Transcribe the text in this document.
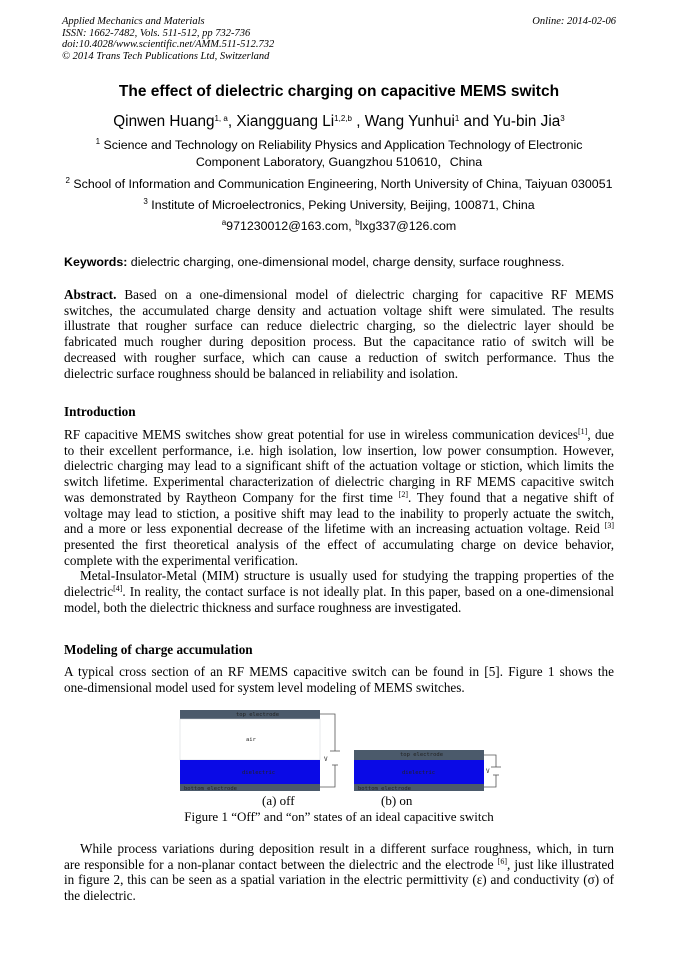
Applied Mechanics and Materials
ISSN: 1662-7482, Vols. 511-512, pp 732-736
doi:10.4028/www.scientific.net/AMM.511-512.732
© 2014 Trans Tech Publications Ltd, Switzerland
Online: 2014-02-06
The effect of dielectric charging on capacitive MEMS switch
Qinwen Huang$^{1, a}$, Xiangguang Li$^{1,2,b}$ , Wang Yunhui$^1$ and Yu-bin Jia$^3$
$^1$ Science and Technology on Reliability Physics and Application Technology of Electronic
Component Laboratory, Guangzhou 510610，China
$^2$ School of Information and Communication Engineering, North University of China, Taiyuan 030051
$^3$ Institute of Microelectronics, Peking University, Beijing, 100871, China
$^a$971230012@163.com, $^b$lxg337@126.com
Keywords: dielectric charging, one-dimensional model, charge density, surface roughness.
Abstract. Based on a one-dimensional model of dielectric charging for capacitive RF MEMS
switches, the accumulated charge density and actuation voltage shift were simulated. The results
illustrate that rougher surface can reduce dielectric charging, so the dielectric layer should be
fabricated much rougher during deposition process. But the capacitance ratio of switch will be
decreased with rougher surface, which can cause a reduction of switch performance. Thus the
dielectric surface roughness should be balanced in reliability and isolation.
Introduction
RF capacitive MEMS switches show great potential for use in wireless communication devices[1], due
to their excellent performance, i.e. high isolation, low insertion, low power consumption. However,
dielectric charging may lead to a significant shift of the actuation voltage or stiction, which limits the
switch lifetime. Experimental characterization of dielectric charging in RF MEMS capacitive switch
was demonstrated by Raytheon Company for the first time [2]. They found that a negative shift of
voltage may lead to stiction, a positive shift may lead to the inability to properly actuate the switch,
and a more or less exponential decrease of the lifetime with an increasing actuation voltage. Reid [3]
presented the first theoretical analysis of the effect of accumulating charge on device behavior,
complete with the experimental verification.
Metal-Insulator-Metal (MIM) structure is usually used for studying the trapping properties of the
dielectric[4]. In reality, the contact surface is not ideally plat. In this paper, based on a one-dimensional
model, both the dielectric thickness and surface roughness are investigated.
Modeling of charge accumulation
A typical cross section of an RF MEMS capacitive switch can be found in [5]. Figure 1 shows the
one-dimensional model used for system level modeling of MEMS switches.
top electrode
air
dielectric
bottom electrode
V
top electrode
dielectric
bottom electrode
V
(a) off	(b) on
Figure 1 “Off” and “on” states of an ideal capacitive switch
While process variations during deposition result in a different surface roughness, which, in turn
are responsible for a non-planar contact between the dielectric and the electrode [6], just like illustrated
in figure 2, this can be seen as a spatial variation in the electric permittivity (ε) and conductivity (σ) of
the dielectric.
